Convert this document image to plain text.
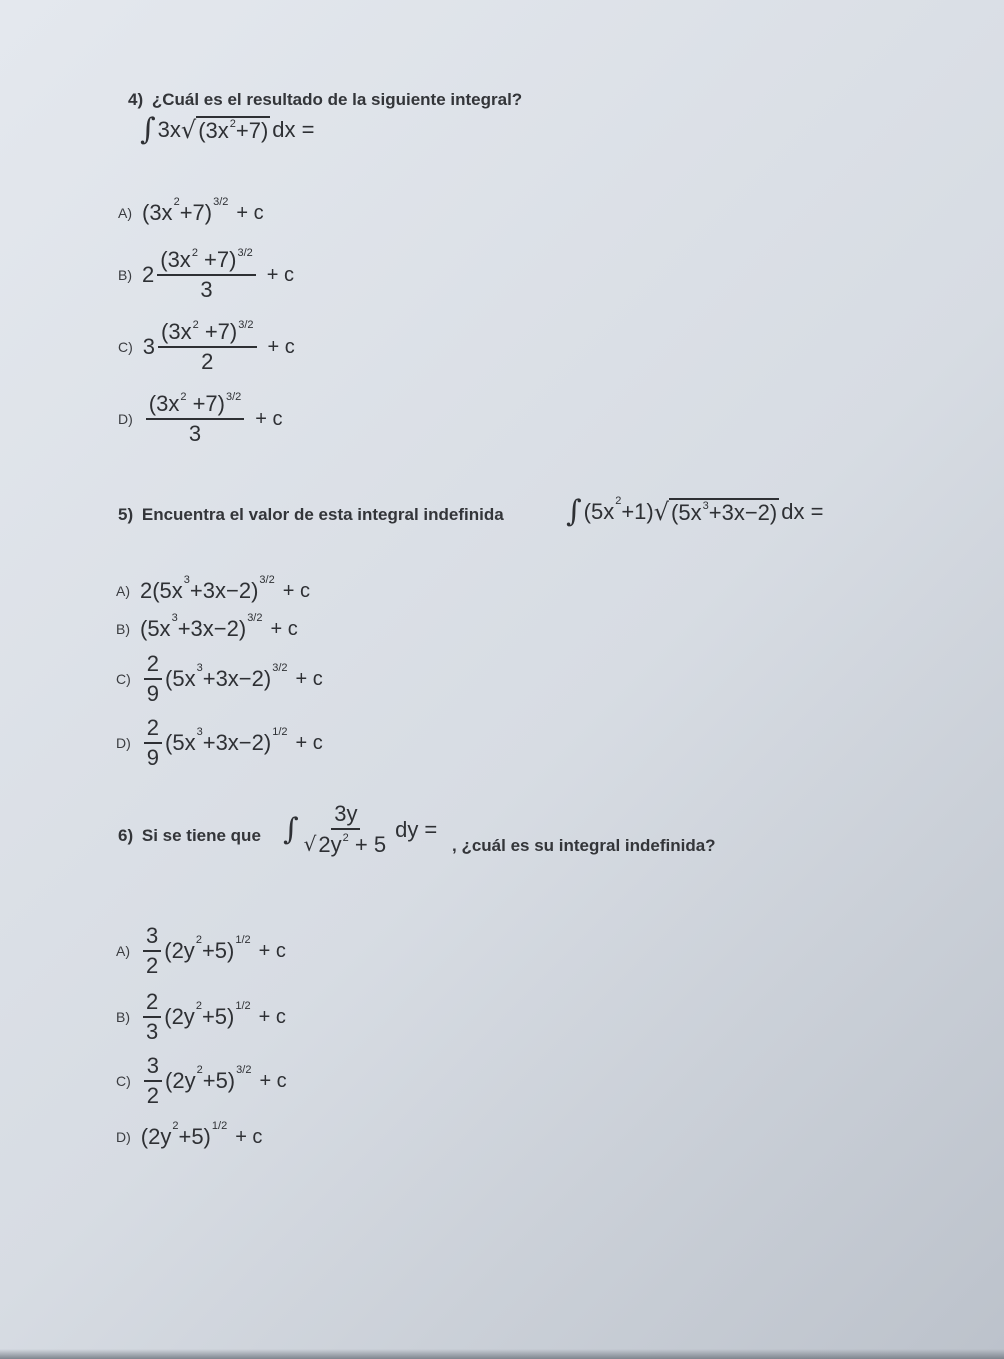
4) ¿Cuál es el resultado de la siguiente integral?
∫ 3x √ $(3x^2+7)$ dx =
A) (3x 2 +7) 3/2 + c
B) $2 \frac{(3x^2 +7)^{3/2}}{3} + c$
C) $3 \frac{(3x^2 +7)^{3/2}}{2} + c$
$D) \frac{(3x^2 +7)^{3/2}}{3} + c$
5) Encuentra el valor de esta integral indefinida ∫ (5x 2 +1) √ $(5x^3+3x-2)$ dx =
A) 2(5x 3 +3x−2) 3/2 + c
B) (5x 3 +3x−2) 3/2 + c
$C) \frac{2}{9} (5x$ 3 +3x−2) 3/2 + c
$D) \frac{2}{9} (5x$ 3 +3x−2) 1/2 + c
6) Si se tiene que ∫ $\frac{3y}{√ 2y^2 + 5}$ dy =
, ¿cuál es su integral indefinida?
$A) \frac{3}{2} (2y$ 2 +5) 1/2 + c
$B) \frac{2}{3} (2y$ 2 +5) 1/2 + c
$C) \frac{3}{2} (2y$ 2 +5) 3/2 + c
D) (2y 2 +5) 1/2 + c
